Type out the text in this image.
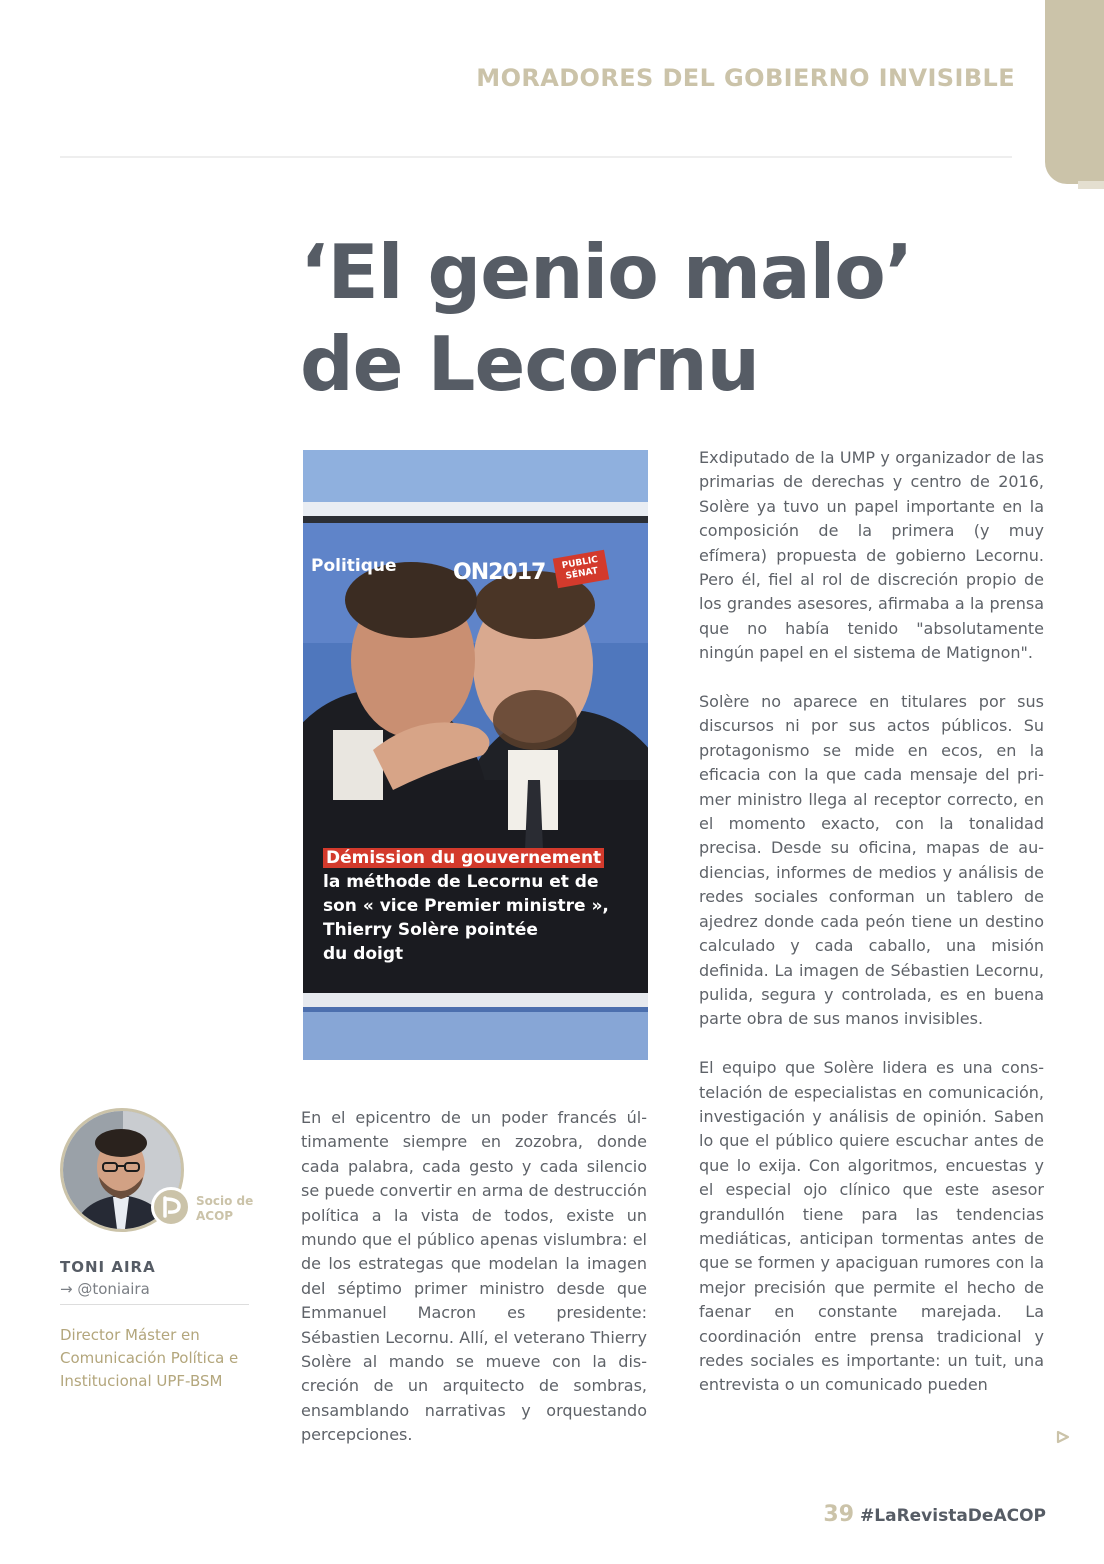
MORADORES DEL GOBIERNO INVISIBLE
‘El genio malo’
de Lecornu
Politique	ON2017	PUBLIC SÉNAT

Démission du gouvernement
la méthode de Lecornu et de
son « vice Premier ministre »,
Thierry Solère pointée
du doigt

Exdiputado de la UMP y organizador de las primarias de derechas y centro de 2016, Solère ya tuvo un papel importante en la composición de la primera (y muy efímera) propuesta de gobierno Lecornu. Pero él, fiel al rol de discreción propio de los grandes asesores, afirmaba a la prensa que no había tenido "absolutamente ningún papel en el sistema de Matignon".

Solère no aparece en titulares por sus discursos ni por sus actos públicos. Su protagonismo se mide en ecos, en la eficacia con la que cada mensaje del primer ministro llega al receptor correcto, en el momento exacto, con la tonalidad precisa. Desde su oficina, mapas de audiencias, informes de medios y análisis de redes sociales conforman un tablero de ajedrez donde cada peón tiene un destino calculado y cada caballo, una misión definida. La imagen de Sébastien Lecornu, pulida, segura y controlada, es en buena parte obra de sus manos invisibles.

El equipo que Solère lidera es una constelación de especialistas en comunicación, investigación y análisis de opinión. Saben lo que el público quiere escuchar antes de que lo exija. Con algoritmos, encuestas y el especial ojo clínico que este asesor grandullón tiene para las tendencias mediáticas, anticipan tormentas antes de que se formen y apaciguan rumores con la mejor precisión que permite el hecho de faenar en constante marejada. La coordinación entre prensa tradicional y redes sociales es importante: un tuit, una entrevista o un comunicado pueden

En el epicentro de un poder francés últimamente siempre en zozobra, donde cada palabra, cada gesto y cada silencio se puede convertir en arma de destrucción política a la vista de todos, existe un mundo que el público apenas vislumbra: el de los estrategas que modelan la imagen del séptimo primer ministro desde que Emmanuel Macron es presidente: Sébastien Lecornu. Allí, el veterano Thierry Solère al mando se mueve con la discreción de un arquitecto de sombras, ensamblando narrativas y orquestando percepciones.

Socio de
ACOP

TONI AIRA

→ @toniaira

Director Máster en
Comunicación Política e
Institucional UPF-BSM

39 #LaRevistaDeACOP
